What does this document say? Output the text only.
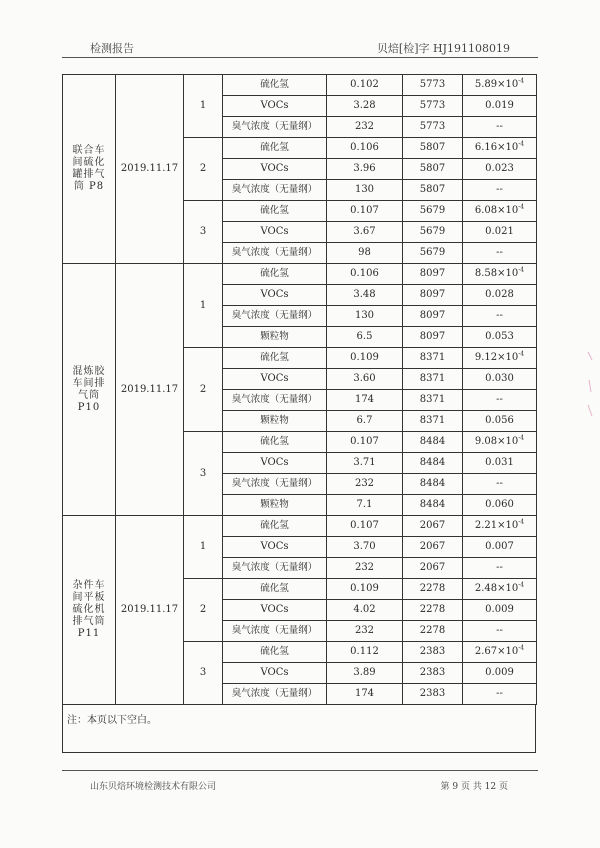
检测报告	贝焙[检]字 HJ191108019
联合车
间硫化
罐排气
筒 P8	2019.11.17	1	硫化氢	0.102	5773	$5.89\times 10^{-4}$
			VOCs	3.28	5773	0.019
			臭气浓度（无量纲）	232	5773	--
		2	硫化氢	0.106	5807	$6.16\times 10^{-4}$
			VOCs	3.96	5807	0.023
			臭气浓度（无量纲）	130	5807	--
		3	硫化氢	0.107	5679	$6.08\times 10^{-4}$
			VOCs	3.67	5679	0.021
			臭气浓度（无量纲）	98	5679	--
混炼胶
车间排
气筒
P10	2019.11.17	1	硫化氢	0.106	8097	$8.58\times 10^{-4}$
			VOCs	3.48	8097	0.028
			臭气浓度（无量纲）	130	8097	--
			颗粒物	6.5	8097	0.053
		2	硫化氢	0.109	8371	$9.12\times 10^{-4}$
			VOCs	3.60	8371	0.030
			臭气浓度（无量纲）	174	8371	--
			颗粒物	6.7	8371	0.056
		3	硫化氢	0.107	8484	$9.08\times 10^{-4}$
			VOCs	3.71	8484	0.031
			臭气浓度（无量纲）	232	8484	--
			颗粒物	7.1	8484	0.060
杂件车
间平板
硫化机
排气筒
P11	2019.11.17	1	硫化氢	0.107	2067	$2.21\times 10^{-4}$
			VOCs	3.70	2067	0.007
			臭气浓度（无量纲）	232	2067	--
		2	硫化氢	0.109	2278	$2.48\times 10^{-4}$
			VOCs	4.02	2278	0.009
			臭气浓度（无量纲）	232	2278	--
		3	硫化氢	0.112	2383	$2.67\times 10^{-4}$
			VOCs	3.89	2383	0.009
			臭气浓度（无量纲）	174	2383	--
注：本页以下空白。
山东贝焙环境检测技术有限公司	第 9 页 共 12 页
